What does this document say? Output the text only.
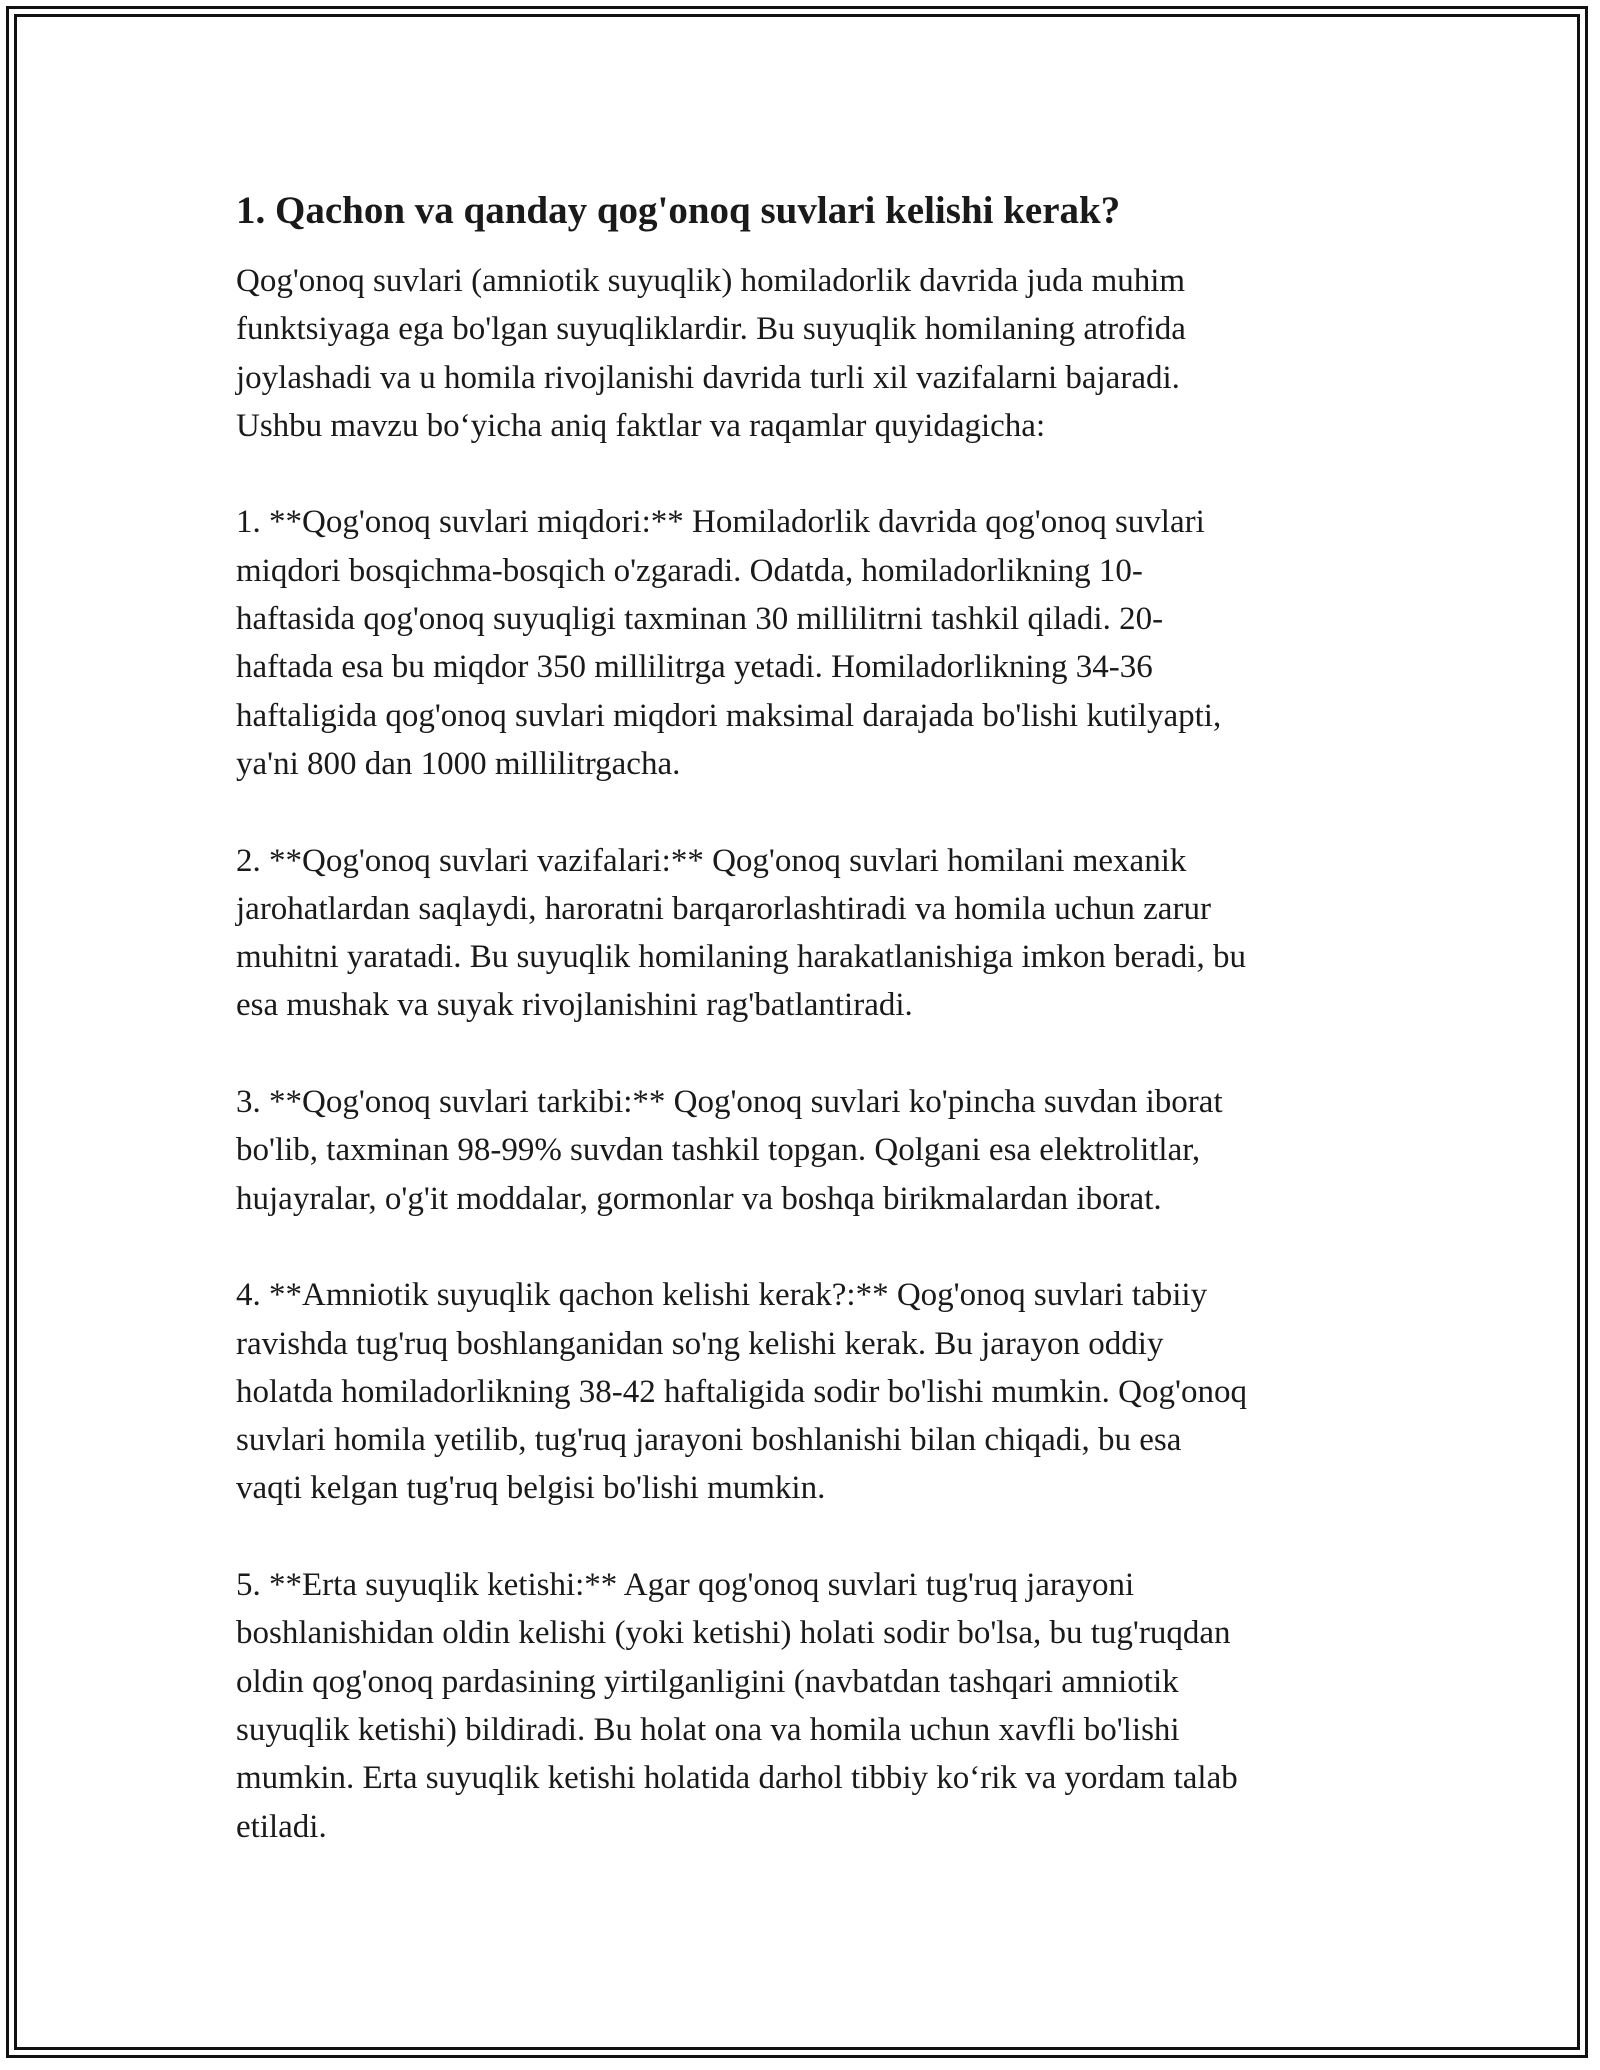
1. Qachon va qanday qog'onoq suvlari kelishi kerak?

Qog'onoq suvlari (amniotik suyuqlik) homiladorlik davrida juda muhim
funktsiyaga ega bo'lgan suyuqliklardir. Bu suyuqlik homilaning atrofida
joylashadi va u homila rivojlanishi davrida turli xil vazifalarni bajaradi.
Ushbu mavzu bo‘yicha aniq faktlar va raqamlar quyidagicha:

1. **Qog'onoq suvlari miqdori:** Homiladorlik davrida qog'onoq suvlari
miqdori bosqichma-bosqich o'zgaradi. Odatda, homiladorlikning 10-
haftasida qog'onoq suyuqligi taxminan 30 millilitrni tashkil qiladi. 20-
haftada esa bu miqdor 350 millilitrga yetadi. Homiladorlikning 34-36
haftaligida qog'onoq suvlari miqdori maksimal darajada bo'lishi kutilyapti,
ya'ni 800 dan 1000 millilitrgacha.

2. **Qog'onoq suvlari vazifalari:** Qog'onoq suvlari homilani mexanik
jarohatlardan saqlaydi, haroratni barqarorlashtiradi va homila uchun zarur
muhitni yaratadi. Bu suyuqlik homilaning harakatlanishiga imkon beradi, bu
esa mushak va suyak rivojlanishini rag'batlantiradi.

3. **Qog'onoq suvlari tarkibi:** Qog'onoq suvlari ko'pincha suvdan iborat
bo'lib, taxminan 98-99% suvdan tashkil topgan. Qolgani esa elektrolitlar,
hujayralar, o'g'it moddalar, gormonlar va boshqa birikmalardan iborat.

4. **Amniotik suyuqlik qachon kelishi kerak?:** Qog'onoq suvlari tabiiy
ravishda tug'ruq boshlanganidan so'ng kelishi kerak. Bu jarayon oddiy
holatda homiladorlikning 38-42 haftaligida sodir bo'lishi mumkin. Qog'onoq
suvlari homila yetilib, tug'ruq jarayoni boshlanishi bilan chiqadi, bu esa
vaqti kelgan tug'ruq belgisi bo'lishi mumkin.

5. **Erta suyuqlik ketishi:** Agar qog'onoq suvlari tug'ruq jarayoni
boshlanishidan oldin kelishi (yoki ketishi) holati sodir bo'lsa, bu tug'ruqdan
oldin qog'onoq pardasining yirtilganligini (navbatdan tashqari amniotik
suyuqlik ketishi) bildiradi. Bu holat ona va homila uchun xavfli bo'lishi
mumkin. Erta suyuqlik ketishi holatida darhol tibbiy ko‘rik va yordam talab
etiladi.
